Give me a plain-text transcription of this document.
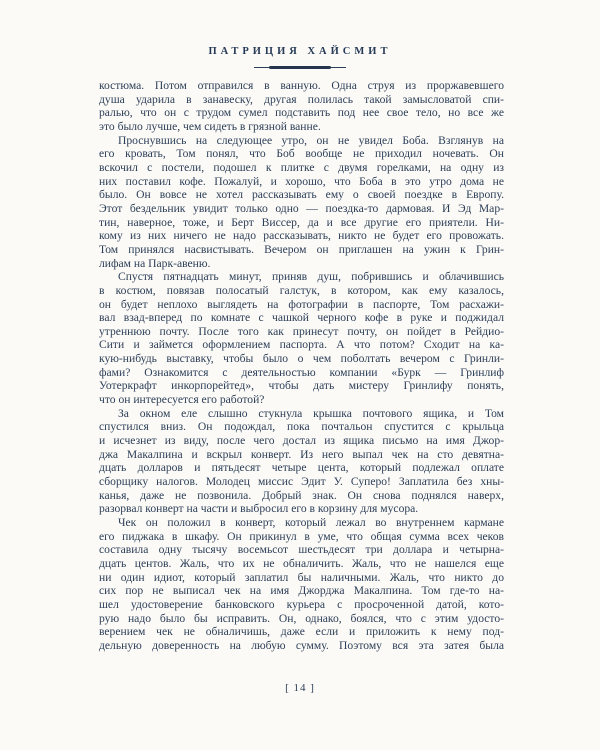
ПАТРИЦИЯ ХАЙСМИТ
костюма. Потом отправился в ванную. Одна струя из проржавевшего
душа ударила в занавеску, другая полилась такой замысловатой спи-
ралью, что он с трудом сумел подставить под нее свое тело, но все же
это было лучше, чем сидеть в грязной ванне.
Проснувшись на следующее утро, он не увидел Боба. Взглянув на
его кровать, Том понял, что Боб вообще не приходил ночевать. Он
вскочил с постели, подошел к плитке с двумя горелками, на одну из
них поставил кофе. Пожалуй, и хорошо, что Боба в это утро дома не
было. Он вовсе не хотел рассказывать ему о своей поездке в Европу.
Этот бездельник увидит только одно — поездка-то дармовая. И Эд Мар-
тин, наверное, тоже, и Берт Виссер, да и все другие его приятели. Ни-
кому из них ничего не надо рассказывать, никто не будет его провожать.
Том принялся насвистывать. Вечером он приглашен на ужин к Грин-
лифам на Парк-авеню.
Спустя пятнадцать минут, приняв душ, побрившись и облачившись
в костюм, повязав полосатый галстук, в котором, как ему казалось,
он будет неплохо выглядеть на фотографии в паспорте, Том расхажи-
вал взад-вперед по комнате с чашкой черного кофе в руке и поджидал
утреннюю почту. После того как принесут почту, он пойдет в Рейдио-
Сити и займется оформлением паспорта. А что потом? Сходит на ка-
кую-нибудь выставку, чтобы было о чем поболтать вечером с Гринли-
фами? Ознакомится с деятельностью компании «Бурк — Гринлиф
Уотеркрафт инкорпорейтед», чтобы дать мистеру Гринлифу понять,
что он интересуется его работой?
За окном еле слышно стукнула крышка почтового ящика, и Том
спустился вниз. Он подождал, пока почтальон спустится с крыльца
и исчезнет из виду, после чего достал из ящика письмо на имя Джор-
джа Макалпина и вскрыл конверт. Из него выпал чек на сто девятна-
дцать долларов и пятьдесят четыре цента, который подлежал оплате
сборщику налогов. Молодец миссис Эдит У. Суперо! Заплатила без хны-
канья, даже не позвонила. Добрый знак. Он снова поднялся наверх,
разорвал конверт на части и выбросил его в корзину для мусора.
Чек он положил в конверт, который лежал во внутреннем кармане
его пиджака в шкафу. Он прикинул в уме, что общая сумма всех чеков
составила одну тысячу восемьсот шестьдесят три доллара и четырна-
дцать центов. Жаль, что их не обналичить. Жаль, что не нашелся еще
ни один идиот, который заплатил бы наличными. Жаль, что никто до
сих пор не выписал чек на имя Джорджа Макалпина. Том где-то на-
шел удостоверение банковского курьера с просроченной датой, кото-
рую надо было бы исправить. Он, однако, боялся, что с этим удосто-
верением чек не обналичишь, даже если и приложить к нему под-
дельную доверенность на любую сумму. Поэтому вся эта затея была
[ 14 ]
